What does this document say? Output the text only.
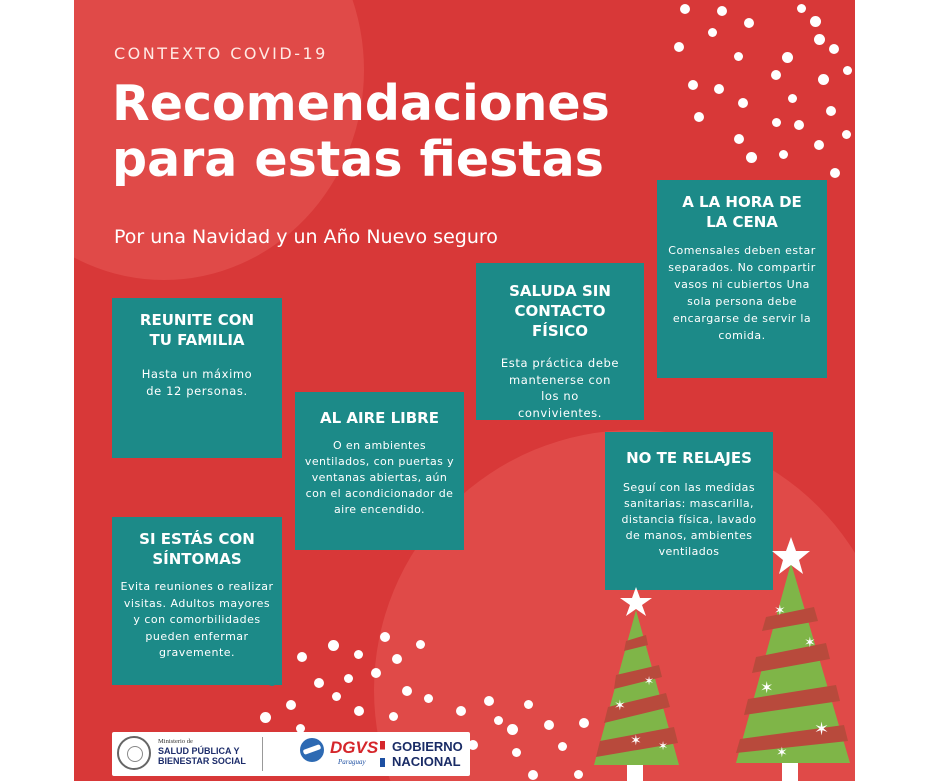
CONTEXTO COVID-19
Recomendaciones para estas fiestas
Por una Navidad y un Año Nuevo seguro
REUNITE CON TU FAMILIA

Hasta un máximo de 12 personas.

AL AIRE LIBRE

O en ambientes ventilados, con puertas y ventanas abiertas, aún con el acondicionador de aire encendido.

SALUDA SIN CONTACTO FÍSICO

Esta práctica debe mantenerse con los no convivientes.

A LA HORA DE LA CENA

Comensales deben estar separados. No compartir vasos ni cubiertos Una sola persona debe encargarse de servir la comida.

NO TE RELAJES

Seguí con las medidas sanitarias: mascarilla, distancia física, lavado de manos, ambientes ventilados

SI ESTÁS CON SÍNTOMAS

Evita reuniones o realizar visitas. Adultos mayores y con comorbilidades pueden enfermar gravemente.

✶
✶
✶ ✶
✶
✶
✶
✶
✶
Ministerio de
SALUD PÚBLICA Y BIENESTAR SOCIAL
DGVS
Paraguay
GOBIERNO NACIONAL
